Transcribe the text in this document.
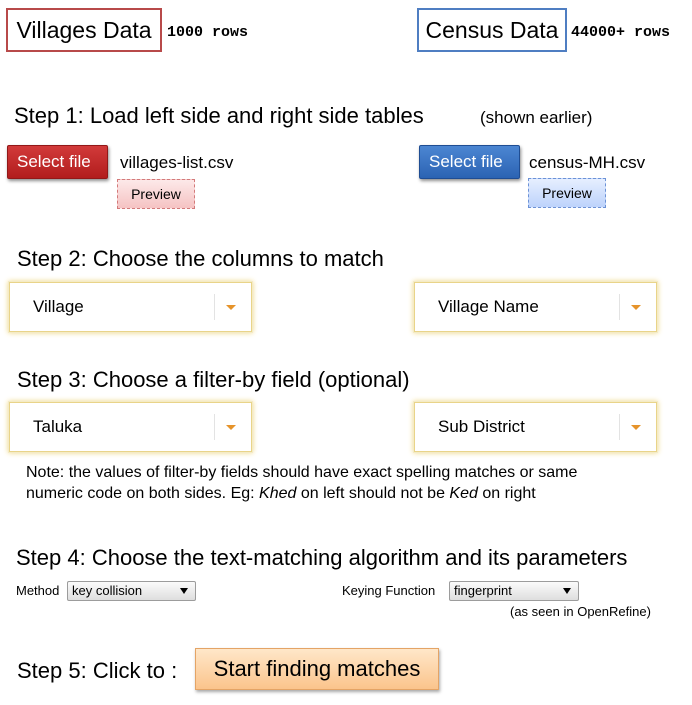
Villages Data	1000 rows	Census Data 44000+ rows
Step 1: Load left side and right side tables	(shown earlier)
Select file	villages-list.csv
Preview
Select file	census-MH.csv
Preview
Step 2: Choose the columns to match
Village	Village Name
Step 3: Choose a filter-by field (optional)
Taluka	Sub District
Note: the values of filter-by fields should have exact spelling matches or same
numeric code on both sides. Eg: Khed on left should not be Ked on right
Step 4: Choose the text-matching algorithm and its parameters
Method key collision	Keying Function	fingerprint
(as seen in OpenRefine)
Step 5: Click to :	Start finding matches
